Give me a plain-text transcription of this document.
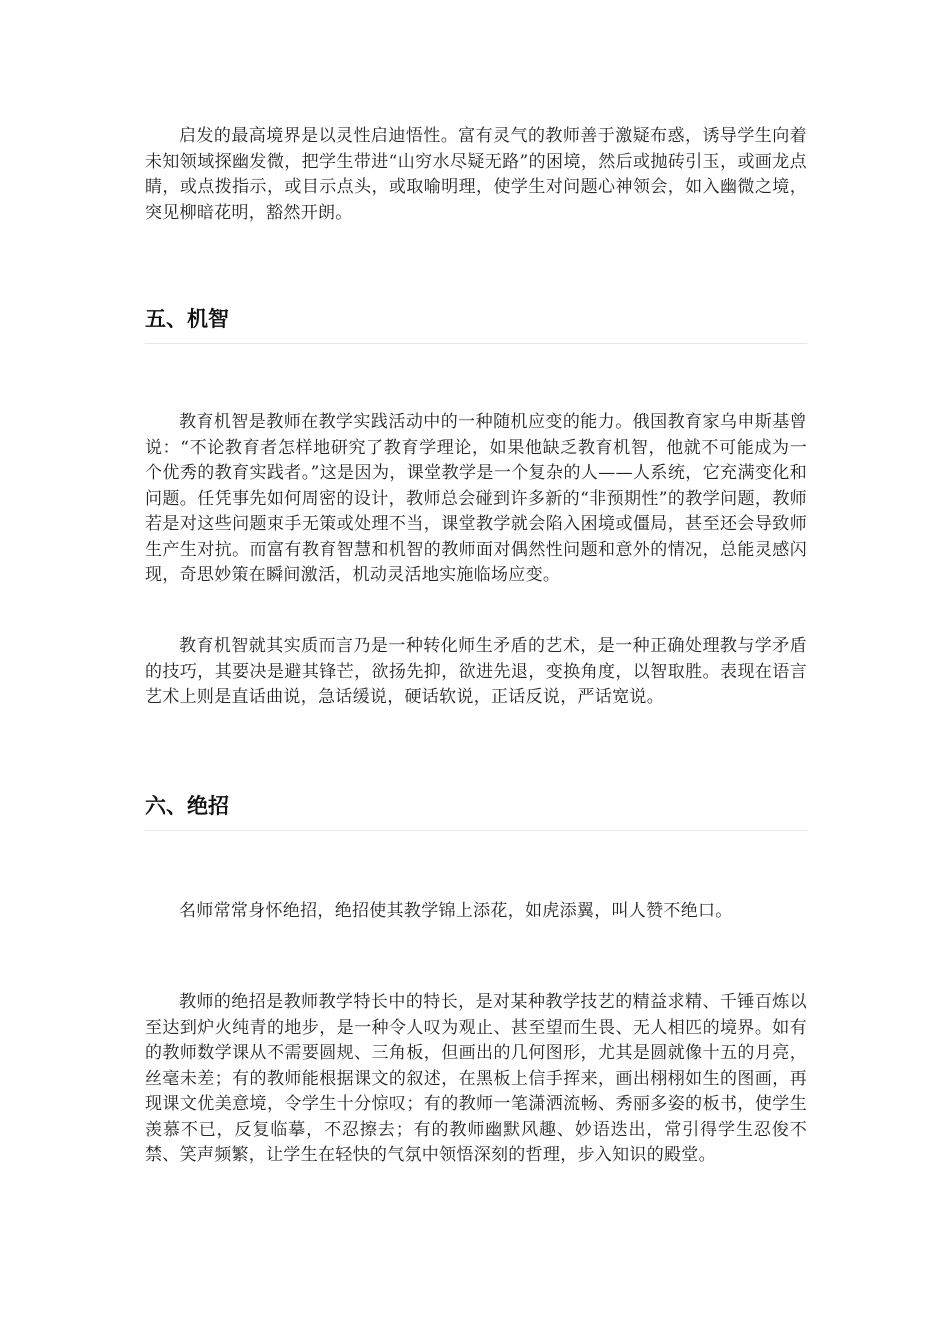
启发的最高境界是以灵性启迪悟性。富有灵气的教师善于激疑布惑，诱导学生向着未知领域探幽发微，把学生带进“山穷水尽疑无路”的困境，然后或抛砖引玉，或画龙点睛，或点拨指示，或目示点头，或取喻明理，使学生对问题心神领会，如入幽微之境，突见柳暗花明，豁然开朗。

五、机智

教育机智是教师在教学实践活动中的一种随机应变的能力。俄国教育家乌申斯基曾说：“不论教育者怎样地研究了教育学理论，如果他缺乏教育机智，他就不可能成为一个优秀的教育实践者。”这是因为，课堂教学是一个复杂的人——人系统，它充满变化和问题。任凭事先如何周密的设计，教师总会碰到许多新的“非预期性”的教学问题，教师若是对这些问题束手无策或处理不当，课堂教学就会陷入困境或僵局，甚至还会导致师生产生对抗。而富有教育智慧和机智的教师面对偶然性问题和意外的情况，总能灵感闪现，奇思妙策在瞬间激活，机动灵活地实施临场应变。

教育机智就其实质而言乃是一种转化师生矛盾的艺术，是一种正确处理教与学矛盾的技巧，其要决是避其锋芒，欲扬先抑，欲进先退，变换角度，以智取胜。表现在语言艺术上则是直话曲说，急话缓说，硬话软说，正话反说，严话宽说。

六、绝招

名师常常身怀绝招，绝招使其教学锦上添花，如虎添翼，叫人赞不绝口。

教师的绝招是教师教学特长中的特长，是对某种教学技艺的精益求精、千锤百炼以至达到炉火纯青的地步，是一种令人叹为观止、甚至望而生畏、无人相匹的境界。如有的教师数学课从不需要圆规、三角板，但画出的几何图形，尤其是圆就像十五的月亮，丝毫未差；有的教师能根据课文的叙述，在黑板上信手挥来，画出栩栩如生的图画，再现课文优美意境，令学生十分惊叹；有的教师一笔潇洒流畅、秀丽多姿的板书，使学生羡慕不已，反复临摹，不忍擦去；有的教师幽默风趣、妙语迭出，常引得学生忍俊不禁、笑声频繁，让学生在轻快的气氛中领悟深刻的哲理，步入知识的殿堂。
